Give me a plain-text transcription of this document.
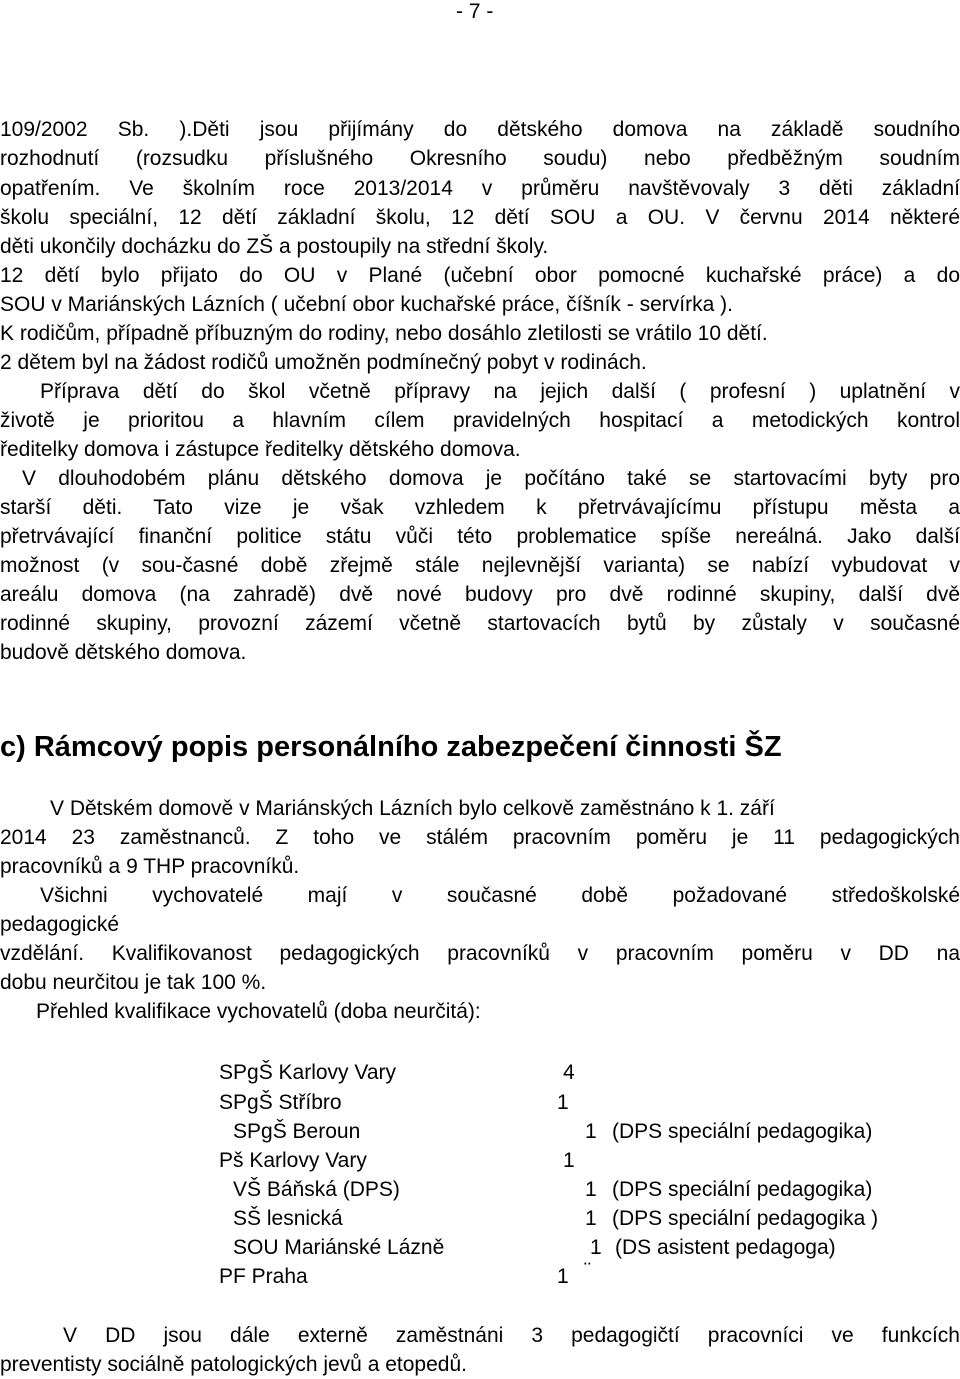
- 7 -
109/2002 Sb. ).Děti jsou přijímány do dětského domova na základě soudního
rozhodnutí (rozsudku příslušného Okresního soudu) nebo předběžným soudním
opatřením. Ve školním roce 2013/2014 v průměru navštěvovaly 3 děti základní
školu speciální, 12 dětí základní školu, 12 dětí SOU a OU. V červnu 2014 některé
děti ukončily docházku do ZŠ a postoupily na střední školy.
12 dětí bylo přijato do OU v Plané (učební obor pomocné kuchařské práce) a do
SOU v Mariánských Lázních ( učební obor kuchařské práce, číšník - servírka ).
K rodičům, případně příbuzným do rodiny, nebo dosáhlo zletilosti se vrátilo 10 dětí.
2 dětem byl na žádost rodičů umožněn podmínečný pobyt v rodinách.
Příprava dětí do škol včetně přípravy na jejich další ( profesní ) uplatnění v
životě je prioritou a hlavním cílem pravidelných hospitací a metodických kontrol
ředitelky domova i zástupce ředitelky dětského domova.
V dlouhodobém plánu dětského domova je počítáno také se startovacími byty pro
starší děti. Tato vize je však vzhledem k přetrvávajícímu přístupu města a
přetrvávající finanční politice státu vůči této problematice spíše nereálná. Jako další
možnost (v sou-časné době zřejmě stále nejlevnější varianta) se nabízí vybudovat v
areálu domova (na zahradě) dvě nové budovy pro dvě rodinné skupiny, další dvě
rodinné skupiny, provozní zázemí včetně startovacích bytů by zůstaly v současné
budově dětského domova.
c) Rámcový popis personálního zabezpečení činnosti ŠZ
V Dětském domově v Mariánských Lázních bylo celkově zaměstnáno k 1. září
2014 23 zaměstnanců. Z toho ve stálém pracovním poměru je 11 pedagogických
pracovníků a 9 THP pracovníků.
Všichni vychovatelé mají v současné době požadované středoškolské
pedagogické
vzdělání. Kvalifikovanost pedagogických pracovníků v pracovním poměru v DD na
dobu neurčitou je tak 100 %.
Přehled kvalifikace vychovatelů (doba neurčitá):
SPgŠ Karlovy Vary	4
SPgŠ Stříbro	1
SPgŠ Beroun	1 (DPS speciální pedagogika)
Pš Karlovy Vary	1
VŠ Báňská (DPS)	1 (DPS speciální pedagogika)
SŠ lesnická	1 (DPS speciální pedagogika )
SOU Mariánské Lázně	1 (DS asistent pedagoga)
PF Praha	1 ¨
V DD jsou dále externě zaměstnáni 3 pedagogičtí pracovníci ve funkcích
preventisty sociálně patologických jevů a etopedů.
